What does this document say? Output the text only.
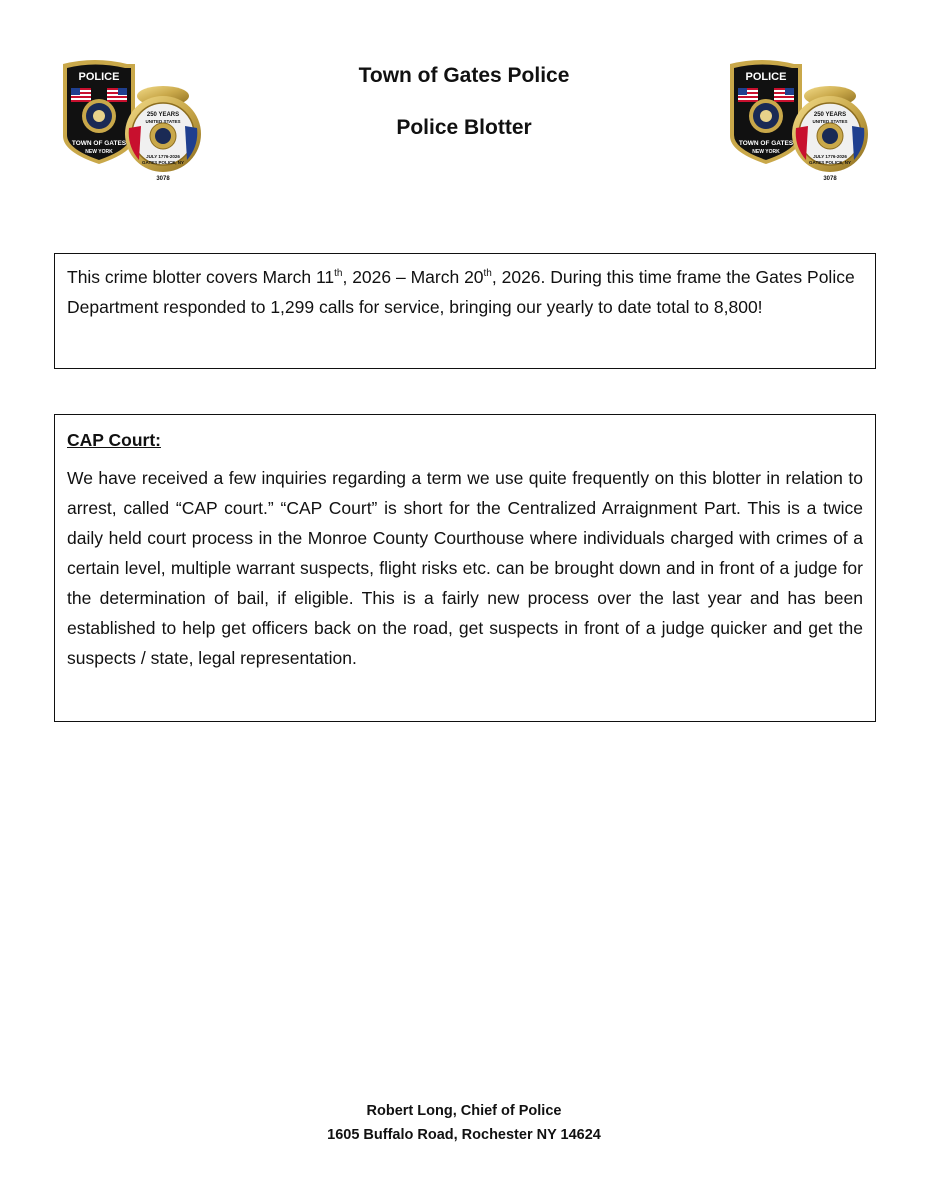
POLICE
TOWN OF GATES
NEW YORK
250 YEARS
UNITED STATES
JULY 1776-2026
GATES POLICE, NY
3078
POLICE
TOWN OF GATES
NEW YORK
250 YEARS
UNITED STATES
JULY 1776-2026
GATES POLICE, NY
3078
Town of Gates Police
Police Blotter
This crime blotter covers March 11th, 2026 – March 20th, 2026. During this time frame the Gates Police Department responded to 1,299 calls for service, bringing our yearly to date total to 8,800!

CAP Court:

We have received a few inquiries regarding a term we use quite frequently on this blotter in relation to arrest, called “CAP court.” “CAP Court” is short for the Centralized Arraignment Part. This is a twice daily held court process in the Monroe County Courthouse where individuals charged with crimes of a certain level, multiple warrant suspects, flight risks etc. can be brought down and in front of a judge for the determination of bail, if eligible. This is a fairly new process over the last year and has been established to help get officers back on the road, get suspects in front of a judge quicker and get the suspects / state, legal representation.

Robert Long, Chief of Police

1605 Buffalo Road, Rochester NY 14624
